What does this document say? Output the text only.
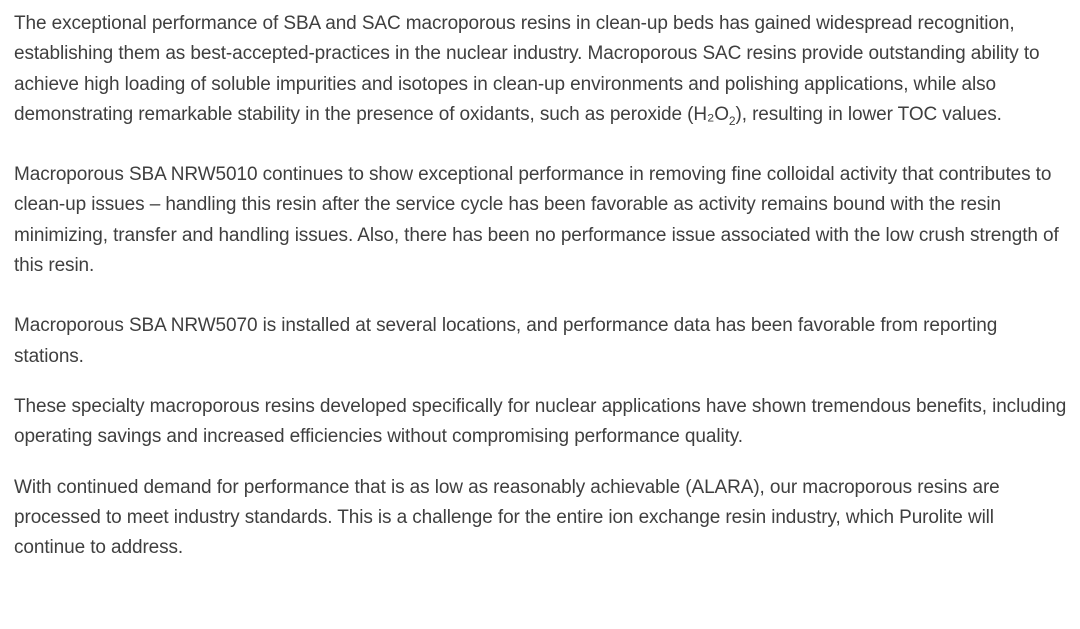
The exceptional performance of SBA and SAC macroporous resins in clean-up beds has gained widespread recognition, establishing them as best-accepted-practices in the nuclear industry. Macroporous SAC resins provide outstanding ability to achieve high loading of soluble impurities and isotopes in clean-up environments and polishing applications, while also demonstrating remarkable stability in the presence of oxidants, such as peroxide $(H_2O_2)$, resulting in lower TOC values.

Macroporous SBA NRW5010 continues to show exceptional performance in removing fine colloidal activity that contributes to clean-up issues – handling this resin after the service cycle has been favorable as activity remains bound with the resin minimizing, transfer and handling issues. Also, there has been no performance issue associated with the low crush strength of this resin.

Macroporous SBA NRW5070 is installed at several locations, and performance data has been favorable from reporting stations.

These specialty macroporous resins developed specifically for nuclear applications have shown tremendous benefits, including operating savings and increased efficiencies without compromising performance quality.

With continued demand for performance that is as low as reasonably achievable (ALARA), our macroporous resins are processed to meet industry standards. This is a challenge for the entire ion exchange resin industry, which Purolite will continue to address.
